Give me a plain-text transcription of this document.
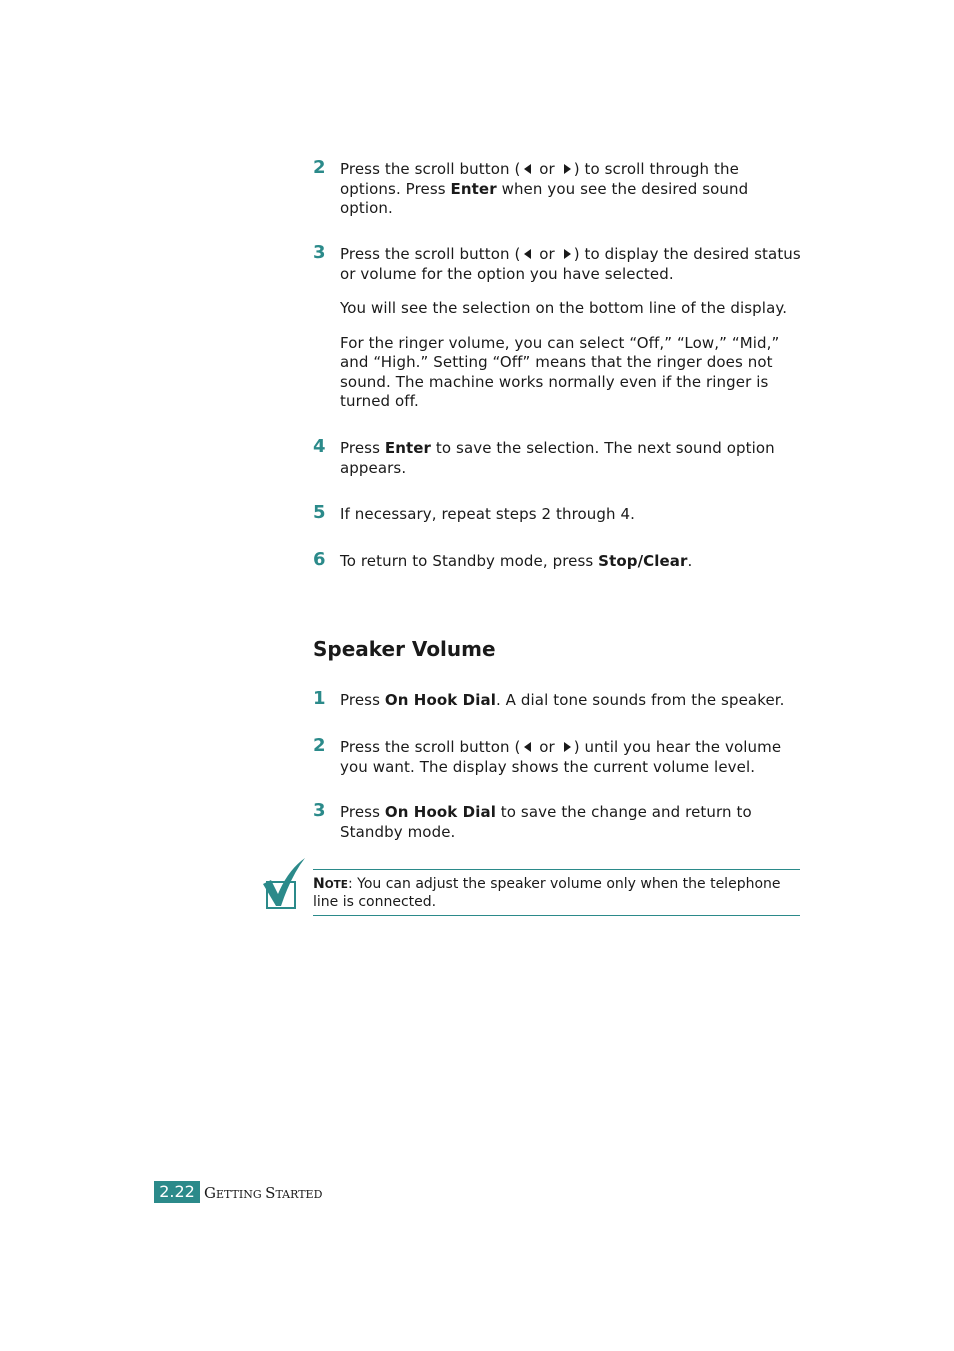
2 Press the scroll button ( or ) to scroll through the options. Press Enter when you see the desired sound option.

3 Press the scroll button ( or ) to display the desired status or volume for the option you have selected.

You will see the selection on the bottom line of the display.

For the ringer volume, you can select “Off,” “Low,” “Mid,” and “High.” Setting “Off” means that the ringer does not sound. The machine works normally even if the ringer is turned off.

4 Press Enter to save the selection. The next sound option appears.

5 If necessary, repeat steps 2 through 4.

6 To return to Standby mode, press Stop/Clear.

Speaker Volume
1 Press On Hook Dial. A dial tone sounds from the speaker.

2 Press the scroll button ( or ) until you hear the volume you want. The display shows the current volume level.

3 Press On Hook Dial to save the change and return to Standby mode.

NOTE: You can adjust the speaker volume only when the telephone line is connected.
2.22 GETTING STARTED
